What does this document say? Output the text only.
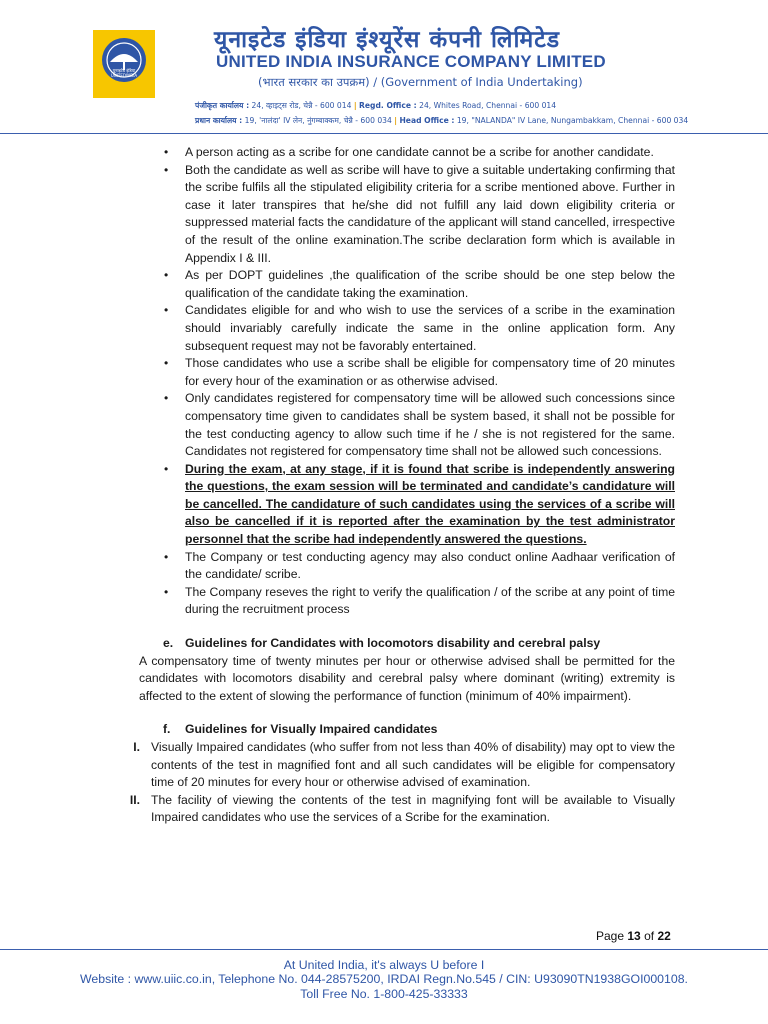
यूनाइटेड इंडिया
UNITEDINDIA
यूनाइटेड इंडिया इंश्यूरेंस कंपनी लिमिटेड
UNITED INDIA INSURANCE COMPANY LIMITED
(भारत सरकार का उपक्रम) / (Government of India Undertaking)
पंजीकृत कार्यालय : 24, व्हाइट्स रोड, चेन्नै - 600 014 | Regd. Office : 24, Whites Road, Chennai - 600 014
प्रधान कार्यालय : 19, 'नालंदा' IV लेन, नुंगम्बाक्कम, चेन्नै - 600 034 | Head Office : 19, "NALANDA" IV Lane, Nungambakkam, Chennai - 600 034
• A person acting as a scribe for one candidate cannot be a scribe for another candidate.
• Both the candidate as well as scribe will have to give a suitable undertaking confirming that the scribe fulfils all the stipulated eligibility criteria for a scribe mentioned above. Further in case it later transpires that he/she did not fulfill any laid down eligibility criteria or suppressed material facts the candidature of the applicant will stand cancelled, irrespective of the result of the online examination.The scribe declaration form which is available in Appendix I & III.
• As per DOPT guidelines ,the qualification of the scribe should be one step below the qualification of the candidate taking the examination.
• Candidates eligible for and who wish to use the services of a scribe in the examination should invariably carefully indicate the same in the online application form. Any subsequent request may not be favorably entertained.
• Those candidates who use a scribe shall be eligible for compensatory time of 20 minutes for every hour of the examination or as otherwise advised.
• Only candidates registered for compensatory time will be allowed such concessions since compensatory time given to candidates shall be system based, it shall not be possible for the test conducting agency to allow such time if he / she is not registered for the same. Candidates not registered for compensatory time shall not be allowed such concessions.
• During the exam, at any stage, if it is found that scribe is independently answering the questions, the exam session will be terminated and candidate’s candidature will be cancelled. The candidature of such candidates using the services of a scribe will also be cancelled if it is reported after the examination by the test administrator personnel that the scribe had independently answered the questions.
• The Company or test conducting agency may also conduct online Aadhaar verification of the candidate/ scribe.
• The Company reseves the right to verify the qualification / of the scribe at any point of time during the recruitment process
e. Guidelines for Candidates with locomotors disability and cerebral palsy
A compensatory time of twenty minutes per hour or otherwise advised shall be permitted for the candidates with locomotors disability and cerebral palsy where dominant (writing) extremity is affected to the extent of slowing the performance of function (minimum of 40% impairment).
f. Guidelines for Visually Impaired candidates
I. Visually Impaired candidates (who suffer from not less than 40% of disability) may opt to view the contents of the test in magnified font and all such candidates will be eligible for compensatory time of 20 minutes for every hour or otherwise advised of examination.
II. The facility of viewing the contents of the test in magnifying font will be available to Visually Impaired candidates who use the services of a Scribe for the examination.
Page 13 of 22
At United India, it's always U before I
Website : www.uiic.co.in, Telephone No. 044-28575200, IRDAI Regn.No.545 / CIN: U93090TN1938GOI000108.
Toll Free No. 1-800-425-33333
